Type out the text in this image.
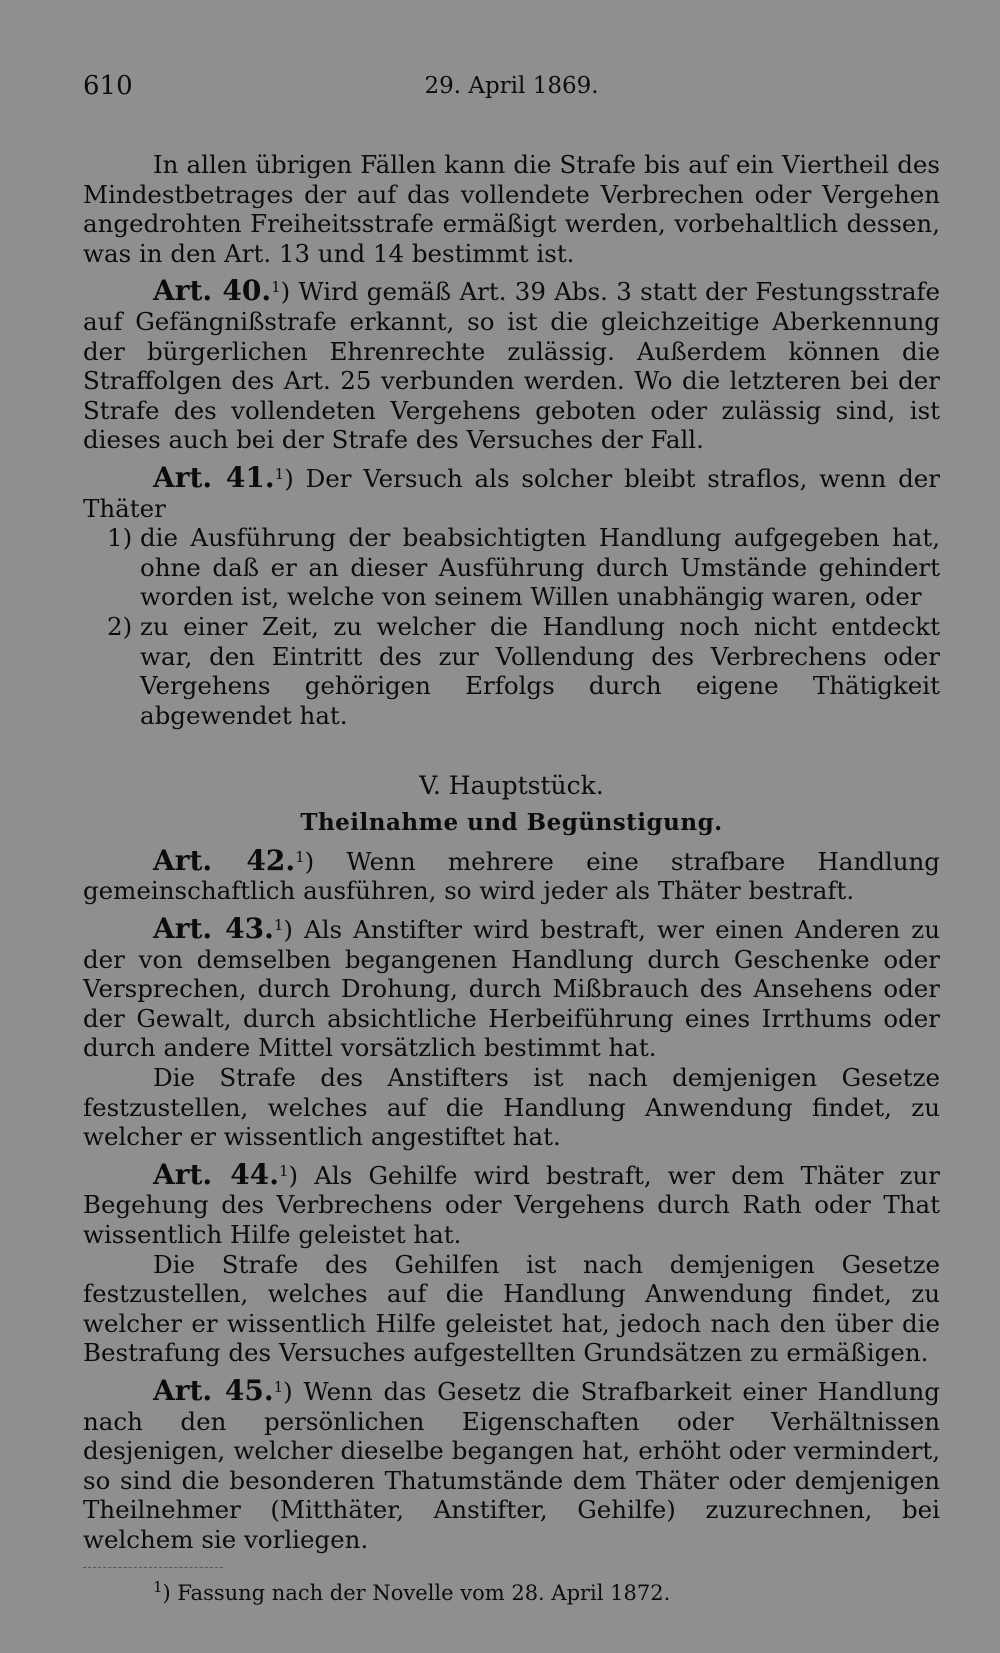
610	29. April 1869.

In allen übrigen Fällen kann die Strafe bis auf ein Viertheil des Mindestbetrages der auf das vollendete Verbrechen oder Vergehen angedrohten Freiheitsstrafe ermäßigt werden, vorbehaltlich dessen, was in den Art. 13 und 14 bestimmt ist.

Art. 40.$^1$) Wird gemäß Art. 39 Abs. 3 statt der Festungsstrafe auf Gefängnißstrafe erkannt, so ist die gleichzeitige Aberkennung der bürgerlichen Ehrenrechte zulässig. Außerdem können die Straffolgen des Art. 25 verbunden werden. Wo die letzteren bei der Strafe des vollendeten Vergehens geboten oder zulässig sind, ist dieses auch bei der Strafe des Versuches der Fall.

Art. 41.$^1$) Der Versuch als solcher bleibt straflos, wenn der Thäter

1) die Ausführung der beabsichtigten Handlung aufgegeben hat, ohne daß er an dieser Ausführung durch Umstände gehindert worden ist, welche von seinem Willen unabhängig waren, oder
2) zu einer Zeit, zu welcher die Handlung noch nicht entdeckt war, den Eintritt des zur Vollendung des Verbrechens oder Vergehens gehörigen Erfolgs durch eigene Thätigkeit abgewendet hat.
V. Hauptstück.
Theilnahme und Begünstigung.

Art. 42.$^1$) Wenn mehrere eine strafbare Handlung gemeinschaftlich ausführen, so wird jeder als Thäter bestraft.

Art. 43.$^1$) Als Anstifter wird bestraft, wer einen Anderen zu der von demselben begangenen Handlung durch Geschenke oder Versprechen, durch Drohung, durch Mißbrauch des Ansehens oder der Gewalt, durch absichtliche Herbeiführung eines Irrthums oder durch andere Mittel vorsätzlich bestimmt hat.

Die Strafe des Anstifters ist nach demjenigen Gesetze festzustellen, welches auf die Handlung Anwendung findet, zu welcher er wissentlich angestiftet hat.

Art. 44.$^1$) Als Gehilfe wird bestraft, wer dem Thäter zur Begehung des Verbrechens oder Vergehens durch Rath oder That wissentlich Hilfe geleistet hat.

Die Strafe des Gehilfen ist nach demjenigen Gesetze festzustellen, welches auf die Handlung Anwendung findet, zu welcher er wissentlich Hilfe geleistet hat, jedoch nach den über die Bestrafung des Versuches aufgestellten Grundsätzen zu ermäßigen.

Art. 45.$^1$) Wenn das Gesetz die Strafbarkeit einer Handlung nach den persönlichen Eigenschaften oder Verhältnissen desjenigen, welcher dieselbe begangen hat, erhöht oder vermindert, so sind die besonderen Thatumstände dem Thäter oder demjenigen Theilnehmer (Mitthäter, Anstifter, Gehilfe) zuzurechnen, bei welchem sie vorliegen.

$^1$) Fassung nach der Novelle vom 28. April 1872.
